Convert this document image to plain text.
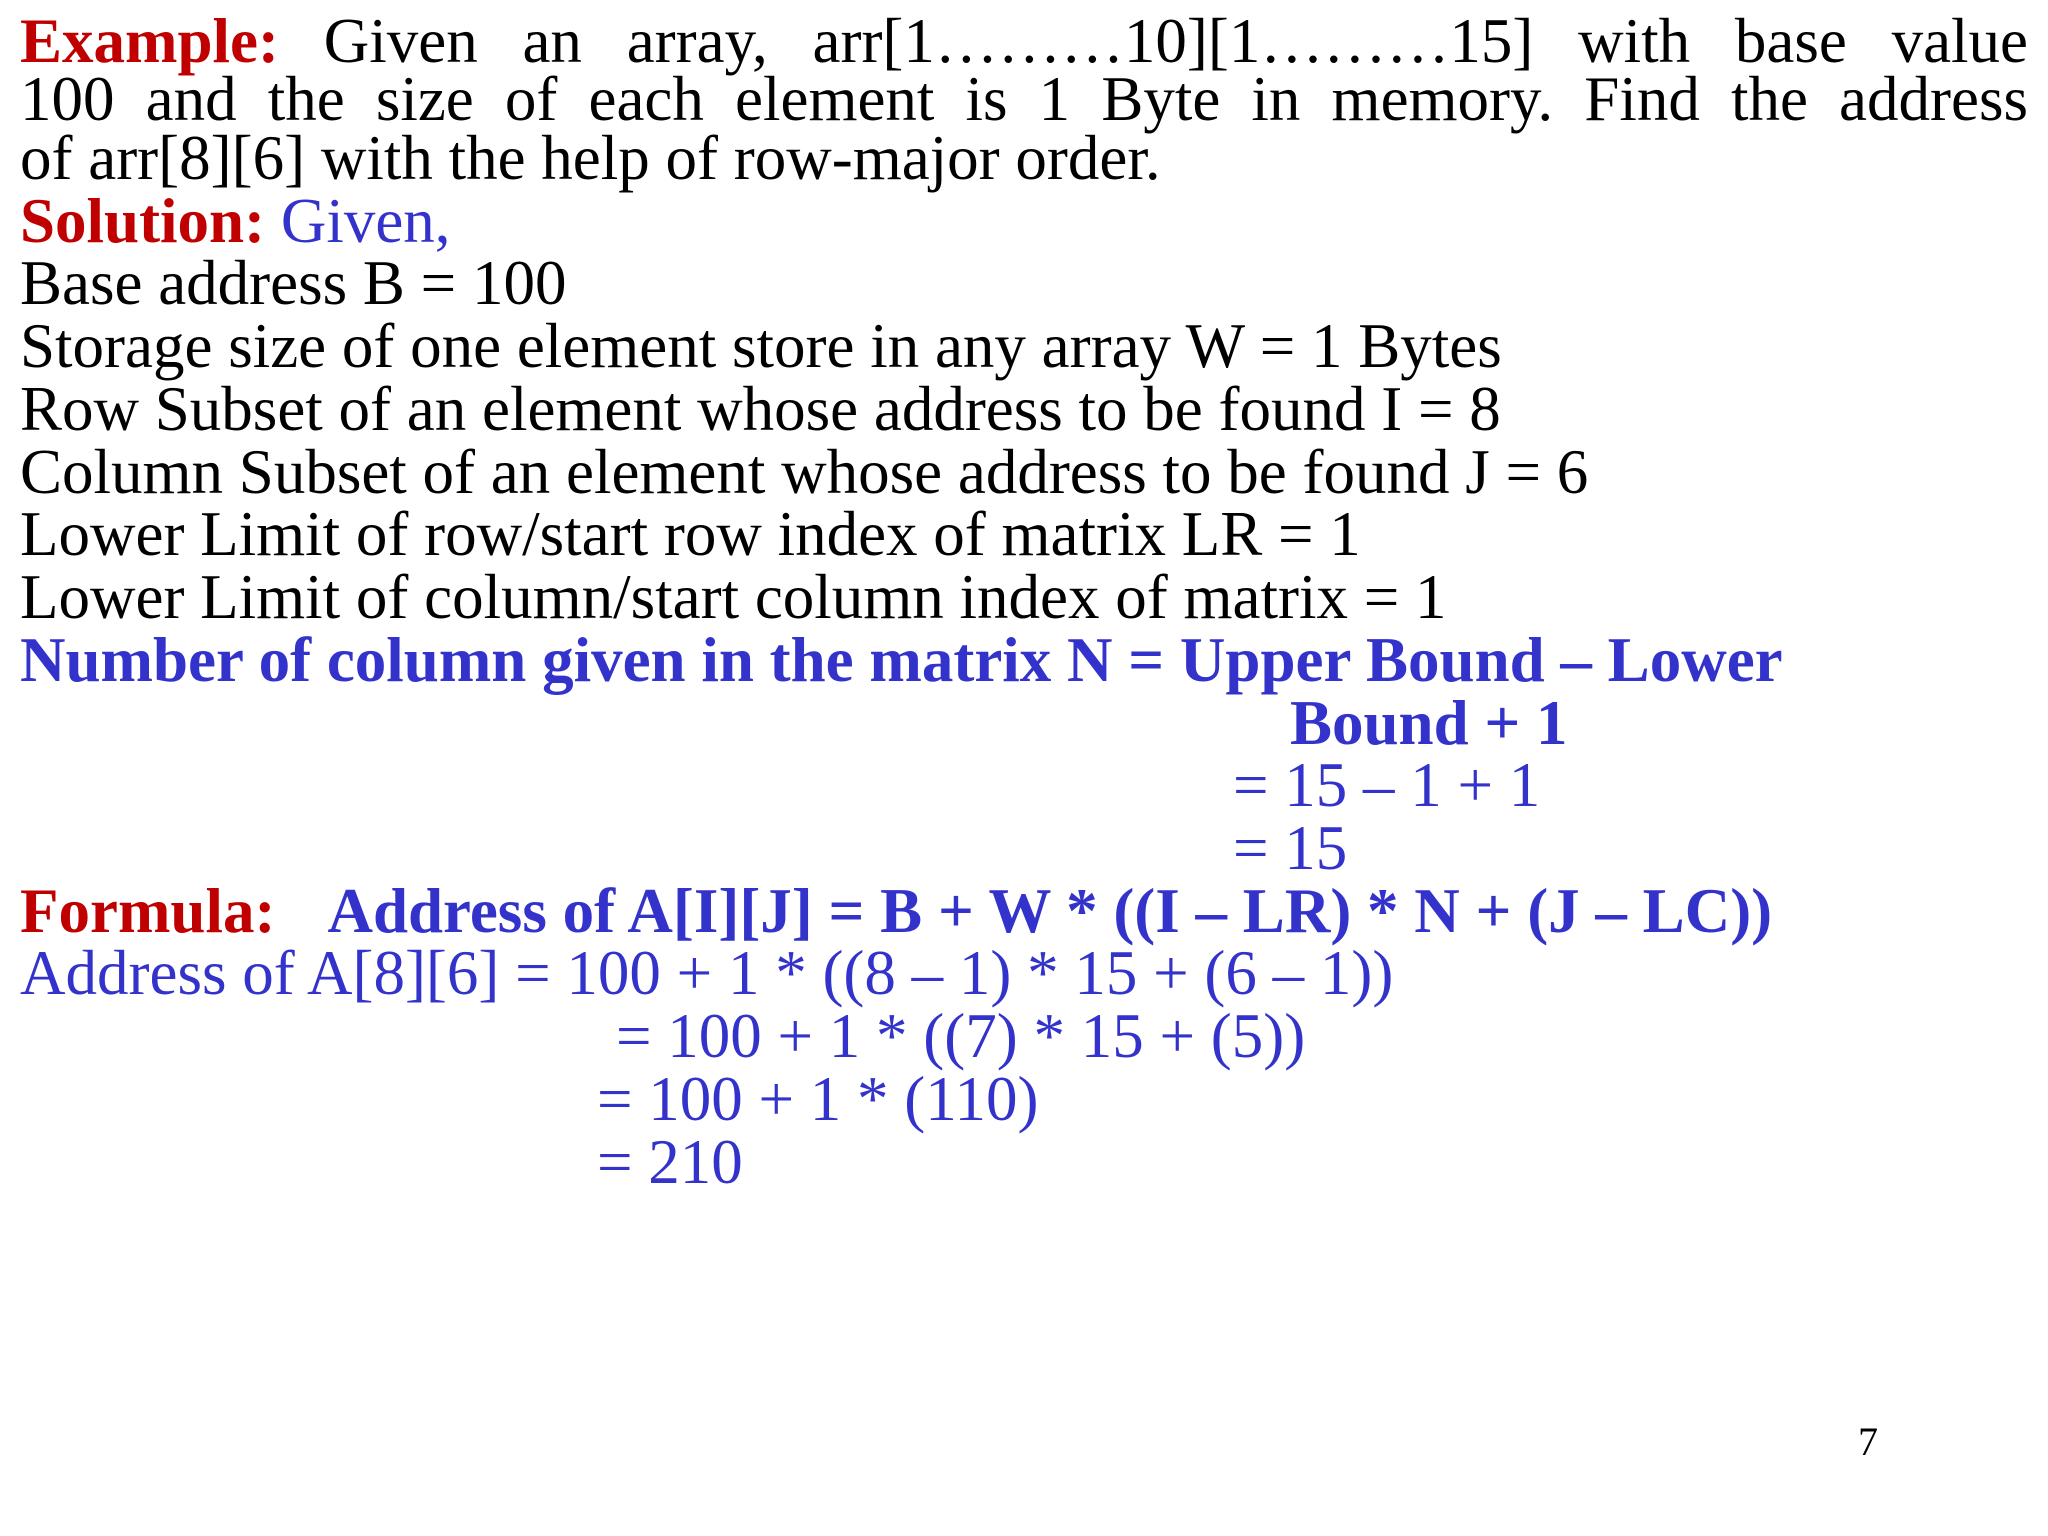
Example: Given an array, arr[1………10][1………15] with base value
100 and the size of each element is 1 Byte in memory. Find the address
of arr[8][6] with the help of row-major order.
Solution: Given,
Base address B = 100
Storage size of one element store in any array W = 1 Bytes
Row Subset of an element whose address to be found I = 8
Column Subset of an element whose address to be found J = 6
Lower Limit of row/start row index of matrix LR = 1
Lower Limit of column/start column index of matrix = 1
Number of column given in the matrix N = Upper Bound – Lower
Bound + 1
= 15 – 1 + 1
= 15
Formula: Address of A[I][J] = B + W * ((I – LR) * N + (J – LC))
Address of A[8][6] = 100 + 1 * ((8 – 1) * 15 + (6 – 1))
= 100 + 1 * ((7) * 15 + (5))
= 100 + 1 * (110)
= 210
7
